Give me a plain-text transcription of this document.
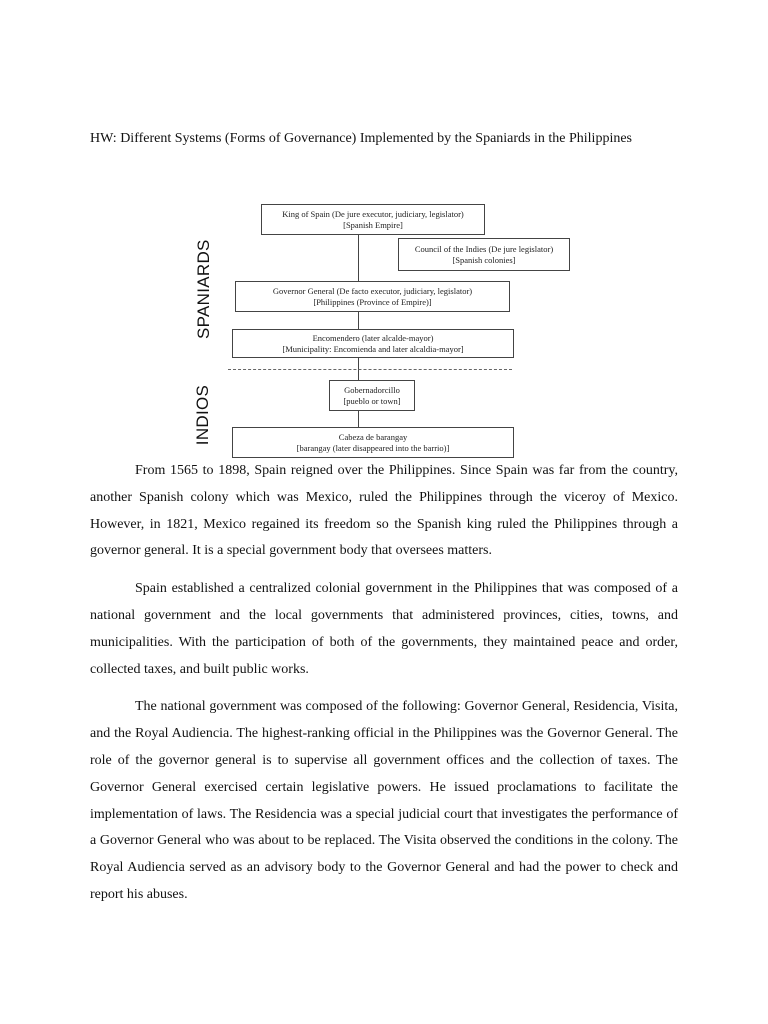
HW: Different Systems (Forms of Governance) Implemented by the Spaniards in the Philippines
SPANIARDS
INDIOS
King of Spain (De jure executor, judiciary, legislator)
[Spanish Empire]
Council of the Indies (De jure legislator)
[Spanish colonies]
Governor General (De facto executor, judiciary, legislator)
[Philippines (Province of Empire)]
Encomendero (later alcalde-mayor)
[Municipality: Encomienda and later alcaldia-mayor]
Gobernadorcillo
[pueblo or town]
Cabeza de barangay
[barangay (later disappeared into the barrio)]

From 1565 to 1898, Spain reigned over the Philippines. Since Spain was far from the country, another Spanish colony which was Mexico, ruled the Philippines through the viceroy of Mexico. However, in 1821, Mexico regained its freedom so the Spanish king ruled the Philippines through a governor general. It is a special government body that oversees matters.

Spain established a centralized colonial government in the Philippines that was composed of a national government and the local governments that administered provinces, cities, towns, and municipalities. With the participation of both of the governments, they maintained peace and order, collected taxes, and built public works.

The national government was composed of the following: Governor General, Residencia, Visita, and the Royal Audiencia. The highest-ranking official in the Philippines was the Governor General. The role of the governor general is to supervise all government offices and the collection of taxes. The Governor General exercised certain legislative powers. He issued proclamations to facilitate the implementation of laws. The Residencia was a special judicial court that investigates the performance of a Governor General who was about to be replaced. The Visita observed the conditions in the colony. The Royal Audiencia served as an advisory body to the Governor General and had the power to check and report his abuses.
